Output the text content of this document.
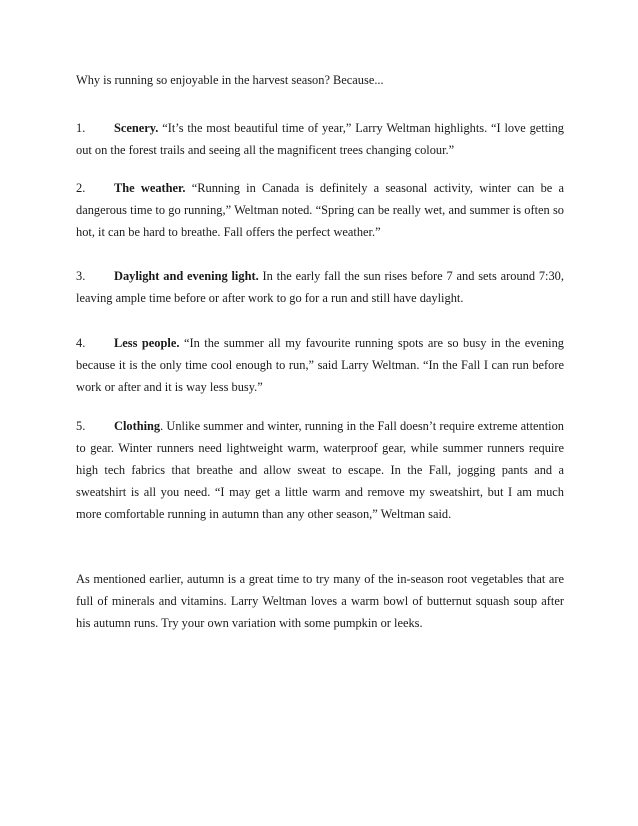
Why is running so enjoyable in the harvest season? Because...

1. Scenery. “It’s the most beautiful time of year,” Larry Weltman highlights. “I love getting out on the forest trails and seeing all the magnificent trees changing colour.”

2. The weather. “Running in Canada is definitely a seasonal activity, winter can be a dangerous time to go running,” Weltman noted. “Spring can be really wet, and summer is often so hot, it can be hard to breathe. Fall offers the perfect weather.”

3. Daylight and evening light. In the early fall the sun rises before 7 and sets around 7:30, leaving ample time before or after work to go for a run and still have daylight.

4. Less people. “In the summer all my favourite running spots are so busy in the evening because it is the only time cool enough to run,” said Larry Weltman. “In the Fall I can run before work or after and it is way less busy.”

5. Clothing. Unlike summer and winter, running in the Fall doesn’t require extreme attention to gear. Winter runners need lightweight warm, waterproof gear, while summer runners require high tech fabrics that breathe and allow sweat to escape. In the Fall, jogging pants and a sweatshirt is all you need. “I may get a little warm and remove my sweatshirt, but I am much more comfortable running in autumn than any other season,” Weltman said.

As mentioned earlier, autumn is a great time to try many of the in-season root vegetables that are full of minerals and vitamins. Larry Weltman loves a warm bowl of butternut squash soup after his autumn runs. Try your own variation with some pumpkin or leeks.
